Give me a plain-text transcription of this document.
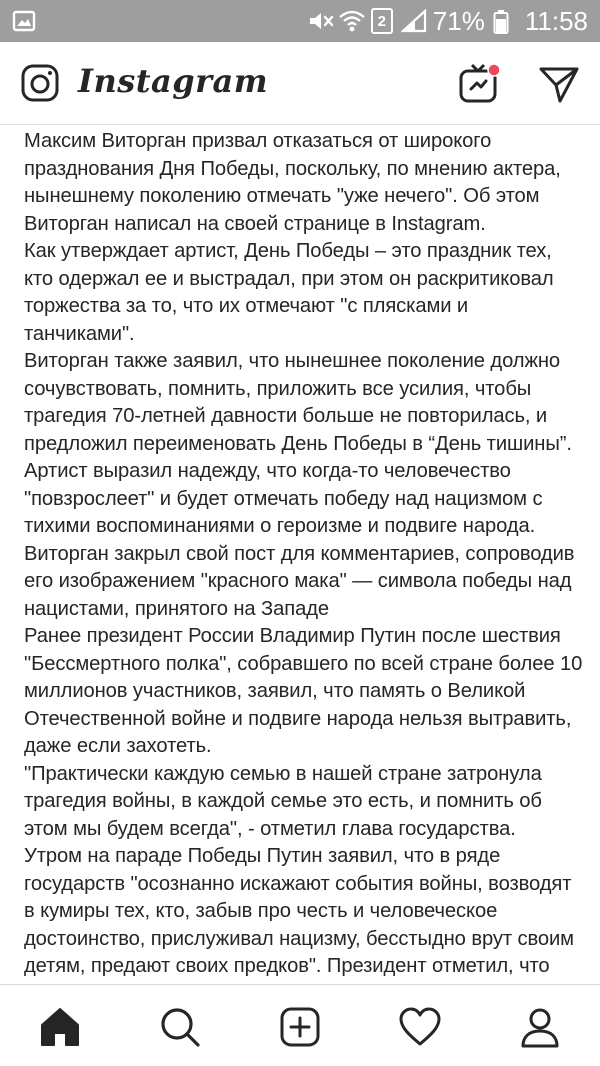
2 71% 11:58
Instagram

Максим Виторган призвал отказаться от широкого празднования Дня Победы, поскольку, по мнению актера, нынешнему поколению отмечать "уже нечего". Об этом Виторган написал на своей странице в Instagram.

Как утверждает артист, День Победы – это праздник тех, кто одержал ее и выстрадал, при этом он раскритиковал торжества за то, что их отмечают "с плясками и танчиками".

Виторган также заявил, что нынешнее поколение должно сочувствовать, помнить, приложить все усилия, чтобы трагедия 70-летней давности больше не повторилась, и предложил переименовать День Победы в “День тишины”.

Артист выразил надежду, что когда-то человечество "повзрослеет" и будет отмечать победу над нацизмом с тихими воспоминаниями о героизме и подвиге народа.

Виторган закрыл свой пост для комментариев, сопроводив его изображением "красного мака" — символа победы над нацистами, принятого на Западе

Ранее президент России Владимир Путин после шествия "Бессмертного полка", собравшего по всей стране более 10 миллионов участников, заявил, что память о Великой Отечественной войне и подвиге народа нельзя вытравить, даже если захотеть.

"Практически каждую семью в нашей стране затронула трагедия войны, в каждой семье это есть, и помнить об этом мы будем всегда", - отметил глава государства.

Утром на параде Победы Путин заявил, что в ряде государств "осознанно искажают события войны, возводят в кумиры тех, кто, забыв про честь и человеческое достоинство, прислуживал нацизму, бесстыдно врут своим детям, предают своих предков". Президент отметил, что
